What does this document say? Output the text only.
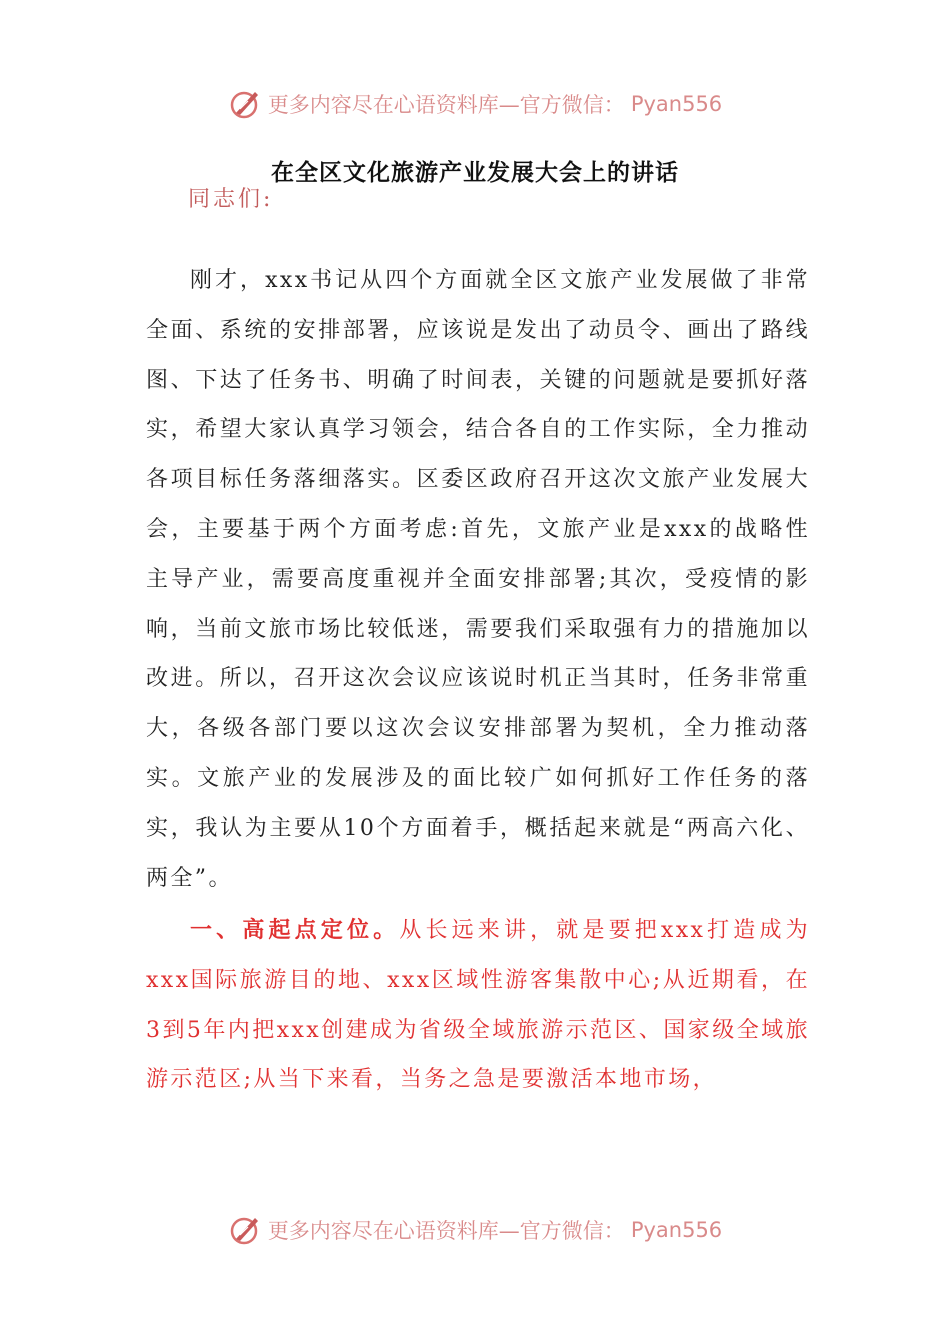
更多内容尽在心语资料库—官方微信： Pyan556
在全区文化旅游产业发展大会上的讲话
同志们:

刚才，xxx书记从四个方面就全区文旅产业发展做了非常全面、系统的安排部署，应该说是发出了动员令、画出了路线图、下达了任务书、明确了时间表，关键的问题就是要抓好落实，希望大家认真学习领会，结合各自的工作实际，全力推动各项目标任务落细落实。区委区政府召开这次文旅产业发展大会，主要基于两个方面考虑:首先，文旅产业是xxx的战略性主导产业，需要高度重视并全面安排部署;其次，受疫情的影响，当前文旅市场比较低迷，需要我们采取强有力的措施加以改进。所以，召开这次会议应该说时机正当其时，任务非常重大，各级各部门要以这次会议安排部署为契机，全力推动落实。文旅产业的发展涉及的面比较广如何抓好工作任务的落实，我认为主要从10个方面着手，概括起来就是“两高六化、两全”。

一、高起点定位。从长远来讲，就是要把xxx打造成为xxx国际旅游目的地、xxx区域性游客集散中心;从近期看，在3到5年内把xxx创建成为省级全域旅游示范区、国家级全域旅游示范区;从当下来看，当务之急是要激活本地市场，

更多内容尽在心语资料库—官方微信： Pyan556
